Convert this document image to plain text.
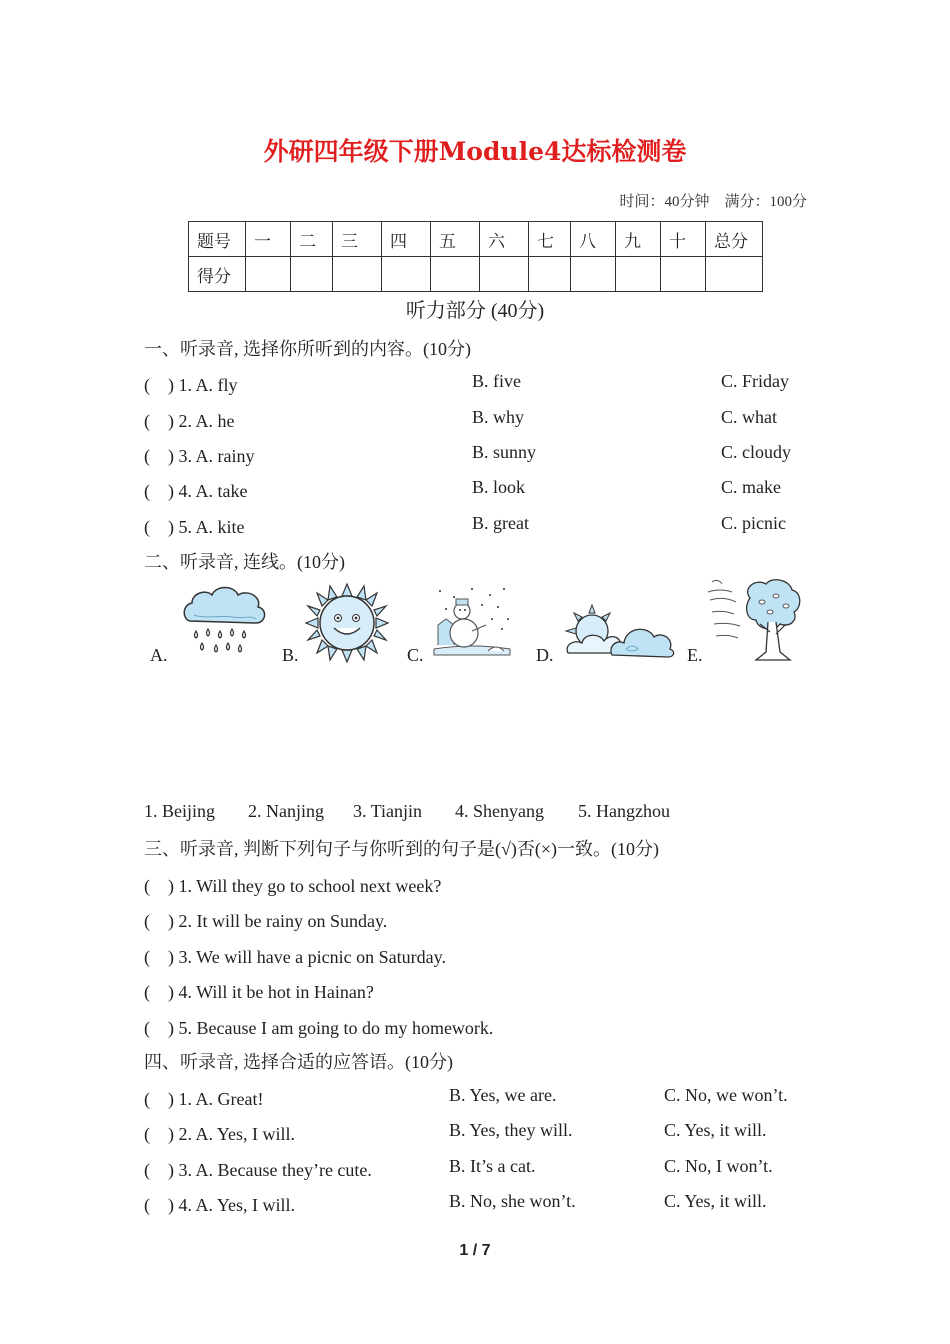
外研四年级下册Module4达标检测卷
时间：40分钟　满分：100分
题号	一	二	三	四	五	六	七	八	九	十	总分
得分											
听力部分 (40分)
一、听录音, 选择你所听到的内容。(10分)
(　) 1. A. fly	B. five	C. Friday
(　) 2. A. he	B. why	C. what
(　) 3. A. rainy	B. sunny	C. cloudy
(　) 4. A. take	B. look	C. make
(　) 5. A. kite	B. great	C. picnic
二、听录音, 连线。(10分)
A.	B.	C.	D.	E.
1. Beijing 2. Nanjing 3. Tianjin 4. Shenyang 5. Hangzhou
三、听录音, 判断下列句子与你听到的句子是(√)否(×)一致。(10分)
(　) 1. Will they go to school next week?
(　) 2. It will be rainy on Sunday.
(　) 3. We will have a picnic on Saturday.
(　) 4. Will it be hot in Hainan?
(　) 5. Because I am going to do my homework.
四、听录音, 选择合适的应答语。(10分)
(　) 1. A. Great!	B. Yes, we are.	C. No, we won’t.
(　) 2. A. Yes, I will.	B. Yes, they will.	C. Yes, it will.
(　) 3. A. Because they’re cute.	B. It’s a cat.	C. No, I won’t.
(　) 4. A. Yes, I will.	B. No, she won’t.	C. Yes, it will.
1 / 7
